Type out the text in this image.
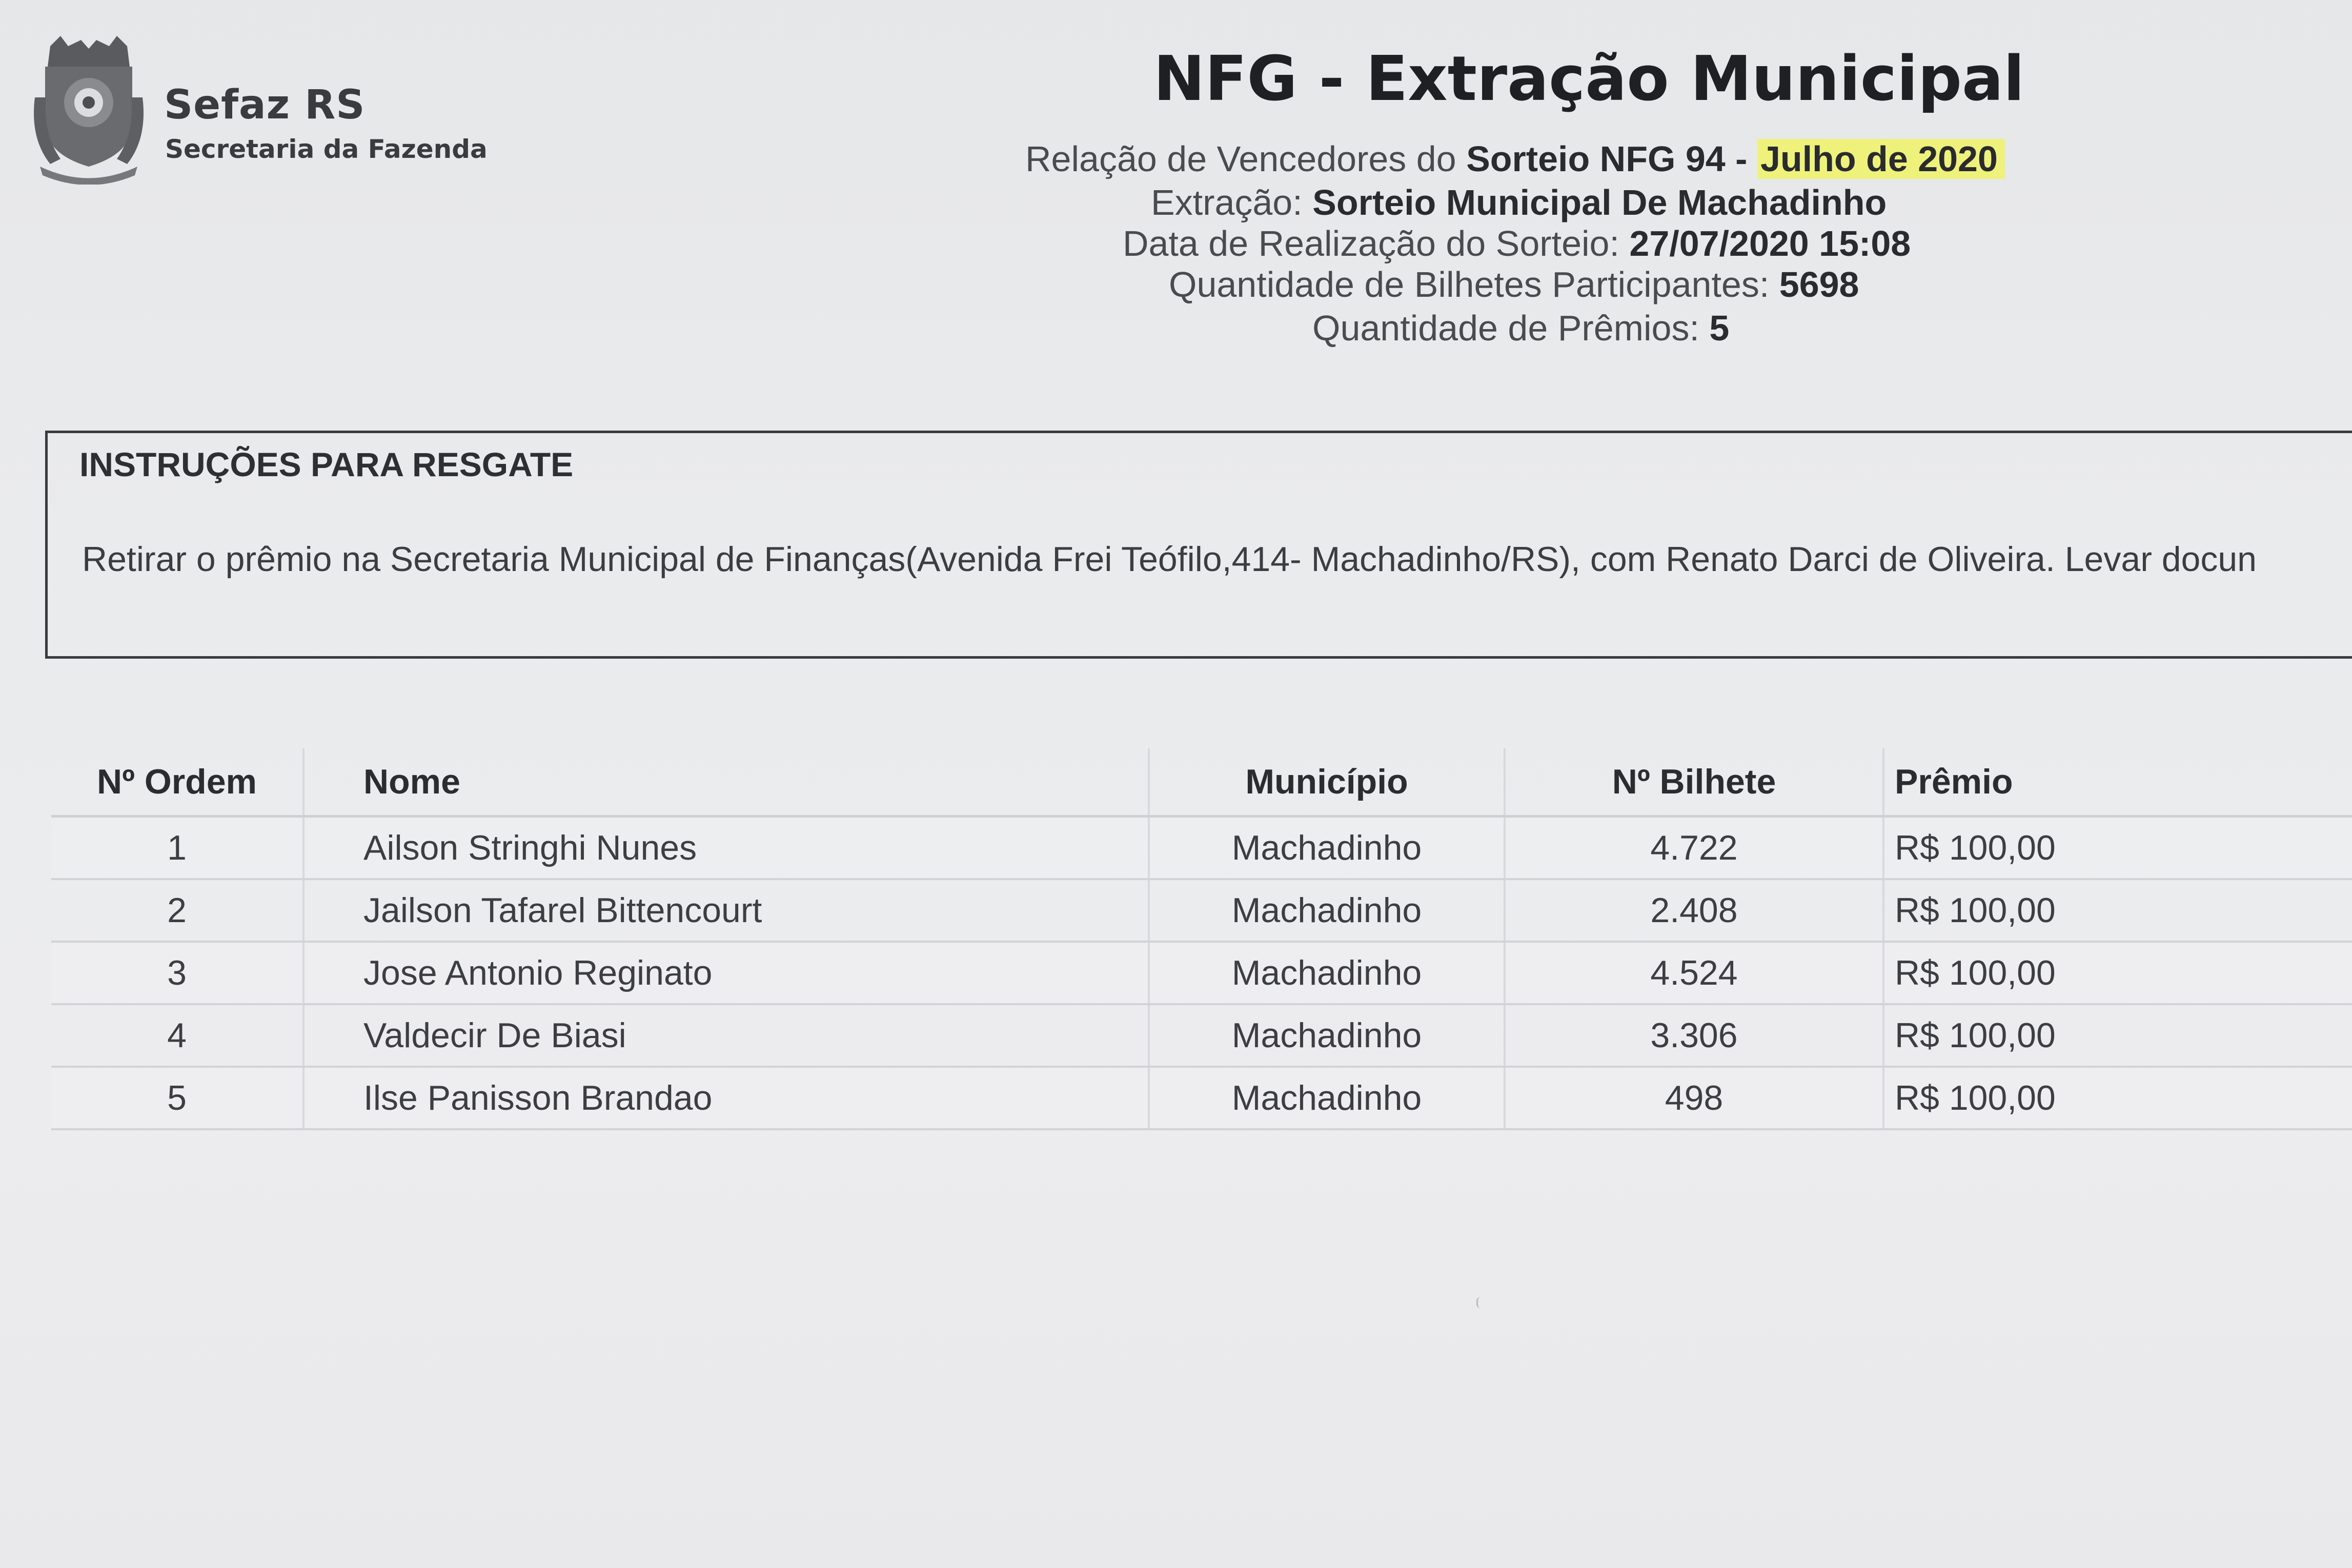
Sefaz RS
Secretaria da Fazenda
NFG - Extração Municipal
Relação de Vencedores do Sorteio NFG 94 - Julho de 2020
Extração: Sorteio Municipal De Machadinho
Data de Realização do Sorteio: 27/07/2020 15:08
Quantidade de Bilhetes Participantes: 5698
Quantidade de Prêmios: 5
INSTRUÇÕES PARA RESGATE
Retirar o prêmio na Secretaria Municipal de Finanças(Avenida Frei Teófilo,414- Machadinho/RS), com Renato Darci de Oliveira. Levar docun
Nº Ordem	Nome	Município	Nº Bilhete	Prêmio
1	Ailson Stringhi Nunes	Machadinho	4.722	R$ 100,00
2	Jailson Tafarel Bittencourt	Machadinho	2.408	R$ 100,00
3	Jose Antonio Reginato	Machadinho	4.524	R$ 100,00
4	Valdecir De Biasi	Machadinho	3.306	R$ 100,00
5	Ilse Panisson Brandao	Machadinho	498	R$ 100,00
